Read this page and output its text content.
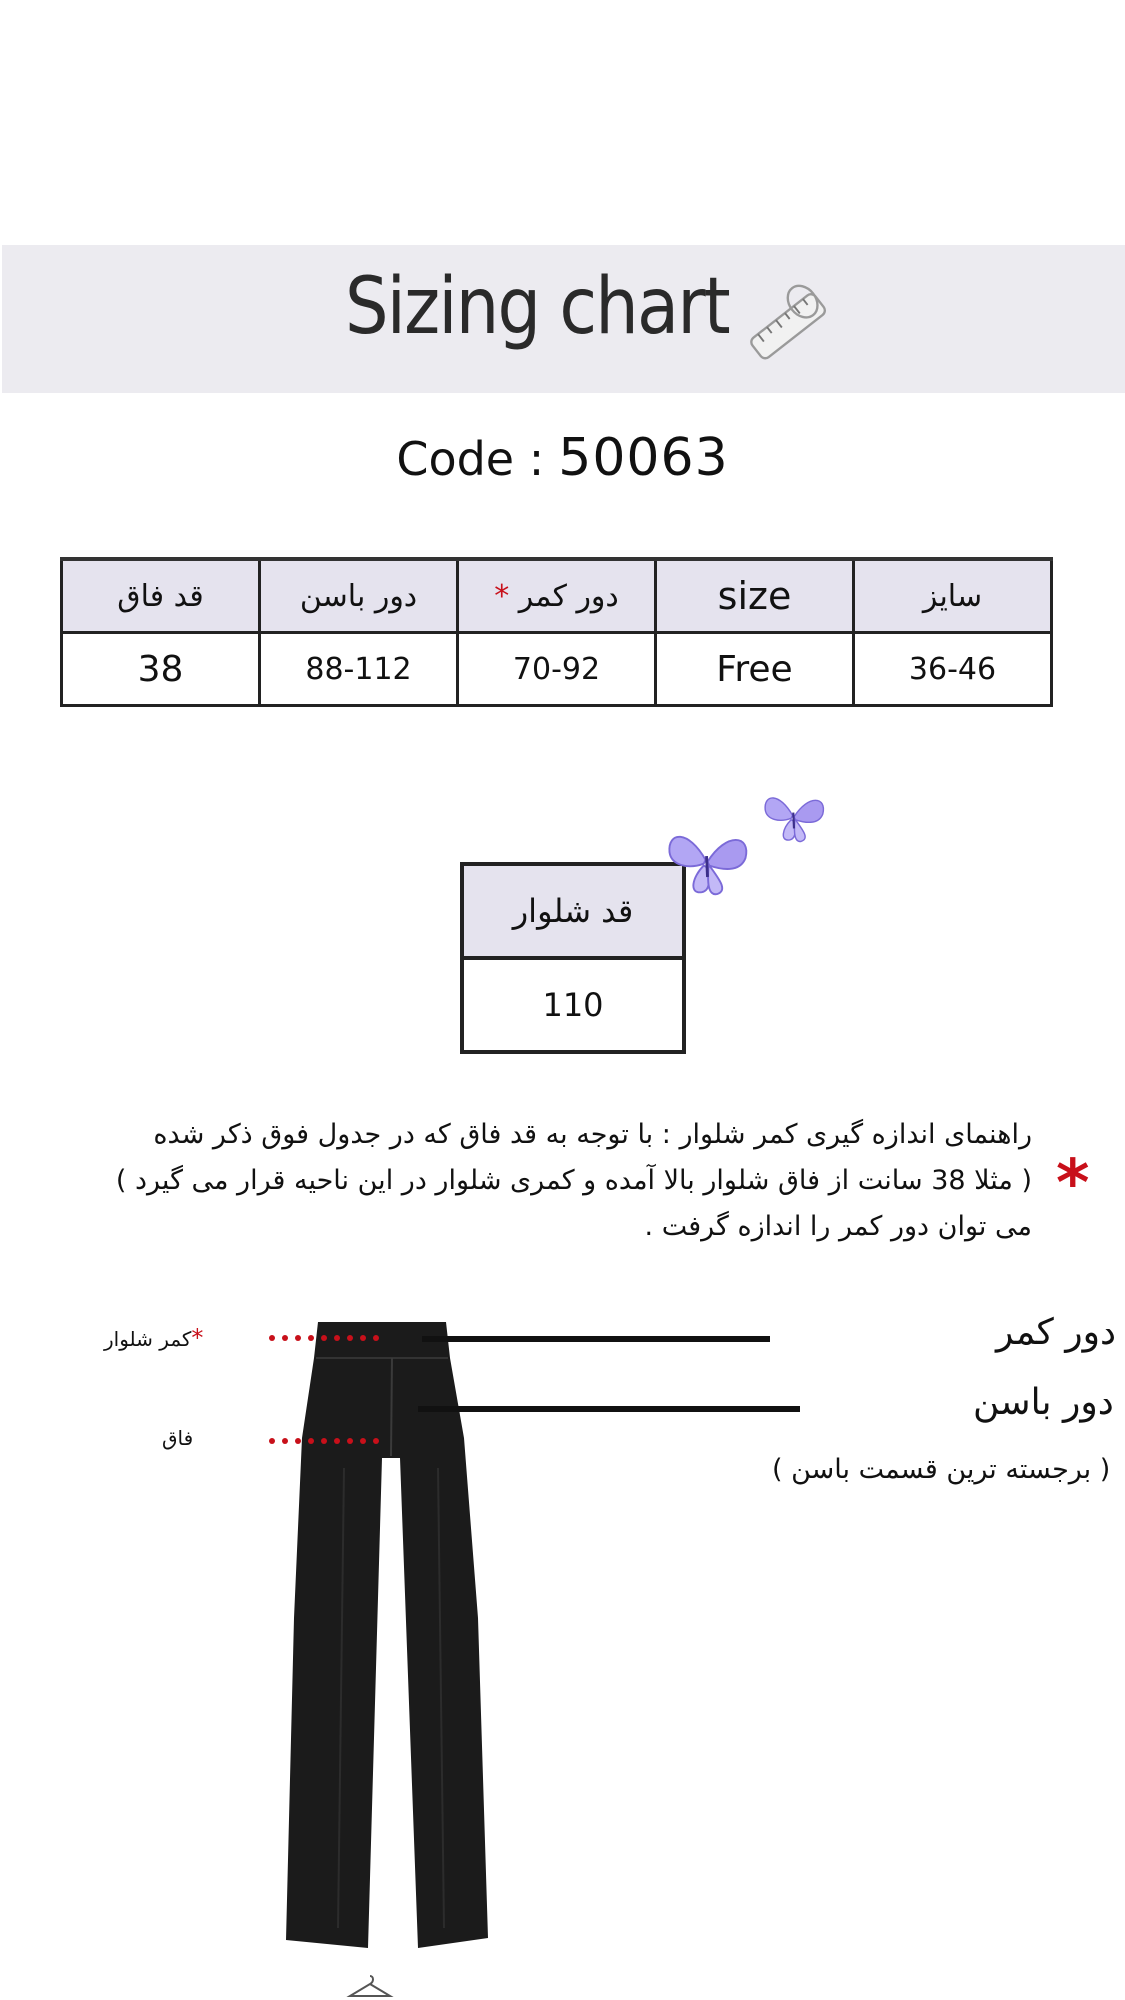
Sizing chart
Code : 50063
قد فاق	دور باسن	* دور کمر	size	سایز
38	88-112	70-92	Free	36-46
قد شلوار
110
راهنمای اندازه گیری کمر شلوار : با توجه به قد فاق که در جدول فوق ذکر شده
( مثلا 38 سانت از فاق شلوار بالا آمده و کمری شلوار در این ناحیه قرار می گیرد )
می توان دور کمر را اندازه گرفت .
*
*کمر شلوار
فاق
دور کمر
دور باسن
( برجسته ترین قسمت باسن )
